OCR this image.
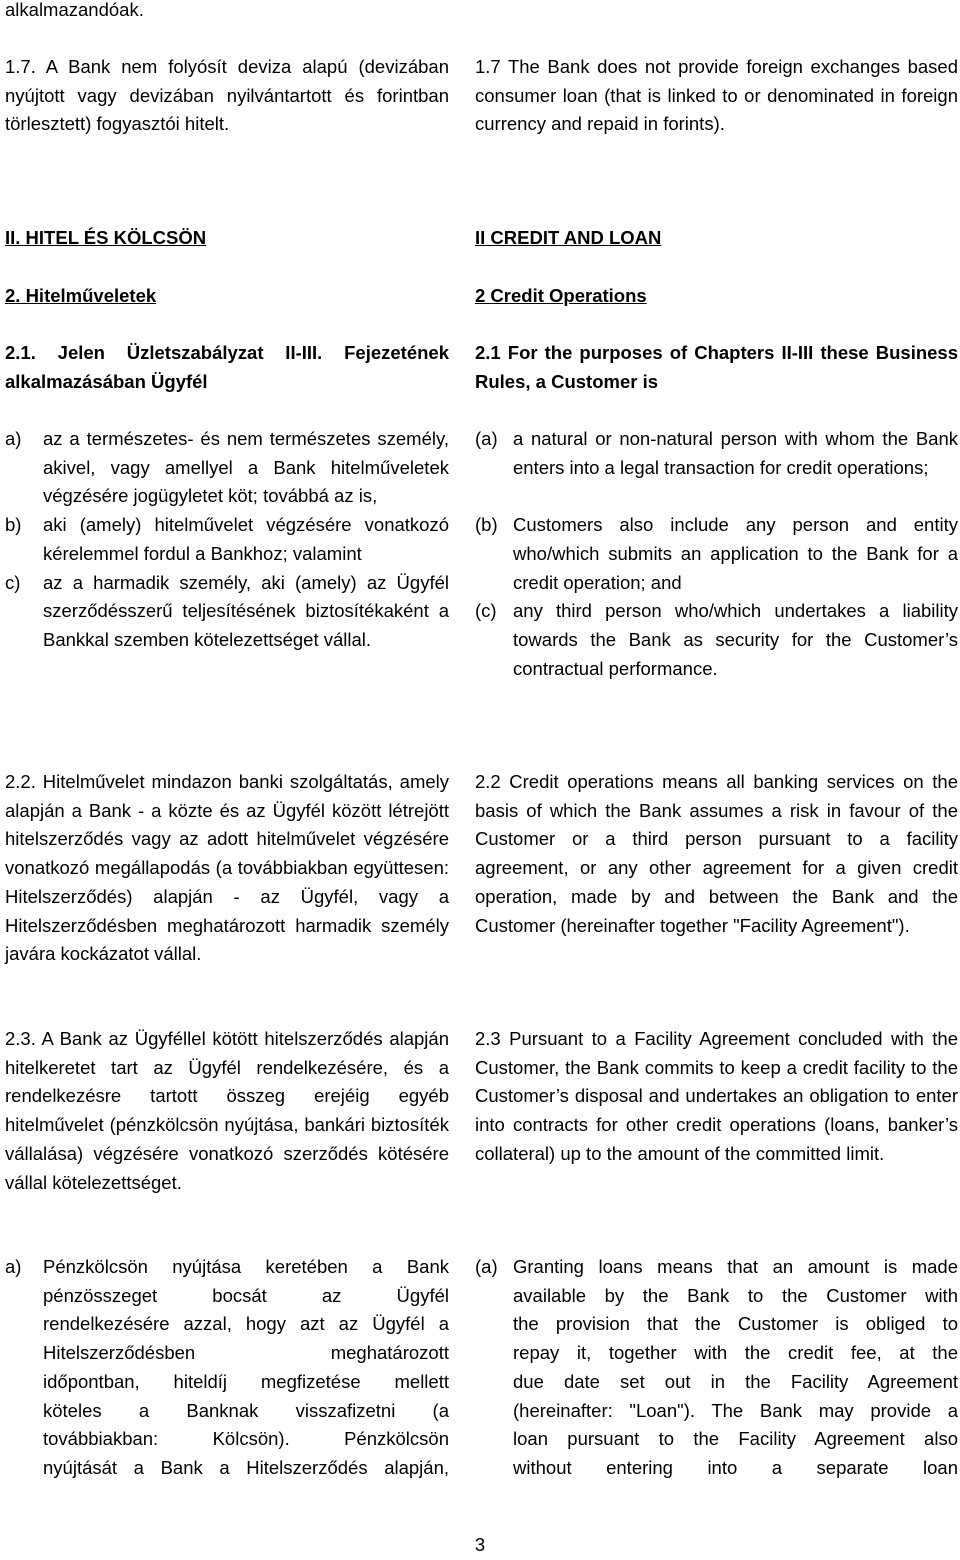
alkalmazandóak.
1.7. A Bank nem folyósít deviza alapú (devizában nyújtott vagy devizában nyilvántartott és forintban törlesztett) fogyasztói hitelt.
II. HITEL ÉS KÖLCSÖN
2. Hitelműveletek
2.1. Jelen Üzletszabályzat II-III. Fejezetének alkalmazásában Ügyfél
a) az a természetes- és nem természetes személy, akivel, vagy amellyel a Bank hitelműveletek végzésére jogügyletet köt; továbbá az is,
b) aki (amely) hitelművelet végzésére vonatkozó kérelemmel fordul a Bankhoz; valamint
c) az a harmadik személy, aki (amely) az Ügyfél szerződésszerű teljesítésének biztosítékaként a Bankkal szemben kötelezettséget vállal.
2.2. Hitelművelet mindazon banki szolgáltatás, amely alapján a Bank - a közte és az Ügyfél között létrejött hitelszerződés vagy az adott hitelművelet végzésére vonatkozó megállapodás (a továbbiakban együttesen: Hitelszerződés) alapján - az Ügyfél, vagy a Hitelszerződésben meghatározott harmadik személy javára kockázatot vállal.
2.3. A Bank az Ügyféllel kötött hitelszerződés alapján hitelkeretet tart az Ügyfél rendelkezésére, és a rendelkezésre tartott összeg erejéig egyéb hitelművelet (pénzkölcsön nyújtása, bankári biztosíték vállalása) végzésére vonatkozó szerződés kötésére vállal kötelezettséget.
a) Pénzkölcsön nyújtása keretében a Bank
pénzösszeget bocsát az Ügyfél
rendelkezésére azzal, hogy azt az Ügyfél a
Hitelszerződésben meghatározott
időpontban, hiteldíj megfizetése mellett
köteles a Banknak visszafizetni (a
továbbiakban: Kölcsön). Pénzkölcsön
nyújtását a Bank a Hitelszerződés alapján,
1.7 The Bank does not provide foreign exchanges based consumer loan (that is linked to or denominated in foreign currency and repaid in forints).
II CREDIT AND LOAN
2 Credit Operations
2.1 For the purposes of Chapters II-III these Business Rules, a Customer is
(a) a natural or non-natural person with whom the Bank enters into a legal transaction for credit operations;
(b) Customers also include any person and entity who/which submits an application to the Bank for a credit operation; and
(c) any third person who/which undertakes a liability towards the Bank as security for the Customer’s contractual performance.
2.2 Credit operations means all banking services on the basis of which the Bank assumes a risk in favour of the Customer or a third person pursuant to a facility agreement, or any other agreement for a given credit operation, made by and between the Bank and the Customer (hereinafter together "Facility Agreement").
2.3 Pursuant to a Facility Agreement concluded with the Customer, the Bank commits to keep a credit facility to the Customer’s disposal and undertakes an obligation to enter into contracts for other credit operations (loans, banker’s collateral) up to the amount of the committed limit.
(a) Granting loans means that an amount is made
available by the Bank to the Customer with
the provision that the Customer is obliged to
repay it, together with the credit fee, at the
due date set out in the Facility Agreement
(hereinafter: "Loan"). The Bank may provide a
loan pursuant to the Facility Agreement also
without entering into a separate loan
3
